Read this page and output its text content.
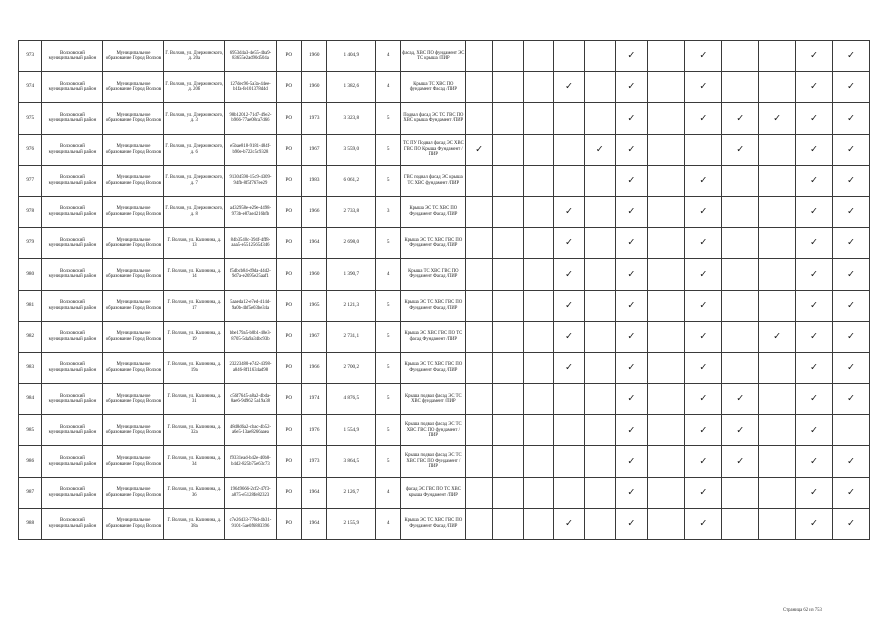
973	Волховский муниципальный район	Муниципальное образование Город Волхов	Г. Волхов, ул. Дзержинского, д. 20а	6953d4a3-4e55-4ba9-83655e2ad90d504a	РО	1960	1 404,9	4	фасад, ХВС ПО фундамент ЭС ТС крыша /ПИР						✓		✓			✓	✓
974	Волховский муниципальный район	Муниципальное образование Город Волхов	Г. Волхов, ул. Дзержинского, д. 20б	127dec96-5a3a-44ee-b1fa-fe101378d4d	РО	1960	1 382,6	4	Крыша ТС ХВС ПО фундамент Фасад /ПИР				✓		✓		✓			✓	✓
975	Волховский муниципальный район	Муниципальное образование Город Волхов	Г. Волхов, ул. Дзержинского, д. 3	98b12012-71d7-49e2-b966-77ae08ca7d66	РО	1973	3 323,8	5	Подвал фасад ЭС ТС ГВС ПО ХВС крыша Фундамент /ПИР						✓		✓	✓	✓	✓	✓
976	Волховский муниципальный район	Муниципальное образование Город Волхов	Г. Волхов, ул. Дзержинского, д. 6	e5bae818-9181-484f-b90e-b722c5c9328	РО	1967	3 559,0	5	ТС ПУ Подвал фасад ЭС ХВС ГВС ПО Крыша Фундамент /ПИР	✓				✓	✓			✓		✓	✓
977	Волховский муниципальный район	Муниципальное образование Город Волхов	Г. Волхов, ул. Дзержинского, д. 7	91304590-15c9-4309-94fb-8f5f767ee29	РО	1983	6 061,2	5	ГВС подвал фасад ЭС крыша ТС ХВС фундамент /ПИР						✓		✓			✓	✓
978	Волховский муниципальный район	Муниципальное образование Город Волхов	Г. Волхов, ул. Дзержинского, д. 8	a432958e-e29e-4498-973b-e87ae4216bfb	РО	1966	2 733,8	3	Крыша ЭС ТС ХВС ПО Фундамент Фасад /ПИР				✓		✓		✓			✓	✓
979	Волховский муниципальный район	Муниципальное образование Город Волхов	Г. Волхов, ул. Калинина, д. 13	84b3540c-394f-4ff8-aaa5-e55125654346	РО	1964	2 698,0	5	Крыша ЭС ТС ХВС ГВС ПО Фундамент Фасад /ПИР				✓		✓		✓			✓	✓
980	Волховский муниципальный район	Муниципальное образование Город Волхов	Г. Волхов, ул. Калинина, д. 14	f5dbcb84-d9da-44d2-9d7a-e2695e25aaf1	РО	1960	1 390,7	4	Крыша ТС ХВС ГВС ПО Фундамент Фасад /ПИР				✓		✓		✓			✓	✓
981	Волховский муниципальный район	Муниципальное образование Город Волхов	Г. Волхов, ул. Калинина, д. 17	5aaeda12-e7ed-414d-9a0b-4bf5e03be34a	РО	1965	2 121,3	5	Крыша ЭС ТС ХВС ГВС ПО Фундамент Фасад /ПИР				✓		✓		✓			✓	✓
982	Волховский муниципальный район	Муниципальное образование Город Волхов	Г. Волхов, ул. Калинина, д. 19	bbe179a5-b0b1-40e3-8705-5da9a34bc93b	РО	1967	2 731,1	5	Крыша ЭС ХВС ГВС ПО ТС фасад Фундамент /ПИР				✓		✓		✓		✓	✓	✓
983	Волховский муниципальный район	Муниципальное образование Город Волхов	Г. Волхов, ул. Калинина, д. 19а	23223480-e742-4398-a846-8f11634ad98	РО	1966	2 700,2	5	Крыша ЭС ТС ХВС ГВС ПО Фундамент Фасад /ПИР				✓		✓		✓			✓	✓
984	Волховский муниципальный район	Муниципальное образование Город Волхов	Г. Волхов, ул. Калинина, д. 31	c56f7645-a8a2-4bda-8ae6-9d962 5a19a38	РО	1974	4 876,5	5	Крыша подвал фасад ЭС ТС ХВС фундамент /ПИР						✓		✓	✓		✓	✓
985	Волховский муниципальный район	Муниципальное образование Город Волхов	Г. Волхов, ул. Калинина, д. 32а	48d8d6a2-cbac-4b52-a6e5-13ae8266aaea	РО	1976	1 554,9	5	Крыша подвал фасад ЭС ТС ХВС ГВС ПО фундамент /ПИР						✓		✓	✓		✓	
986	Волховский муниципальный район	Муниципальное образование Город Волхов	Г. Волхов, ул. Калинина, д. 34	f9331ead-b42e-40b8-b4d2-825b75e63c73	РО	1973	3 864,5	5	Крыша подвал фасад ЭС ТС ХВС ГВС ПО Фундамент /ПИР						✓		✓	✓		✓	✓
987	Волховский муниципальный район	Муниципальное образование Город Волхов	Г. Волхов, ул. Калинина, д. 36	19649666-2cf2-47f3-a875-e5128fe82323	РО	1964	2 126,7	4	фасад ЭС ГВС ПО ТС ХВС крыша Фундамент /ПИР						✓		✓			✓	✓
988	Волховский муниципальный район	Муниципальное образование Город Волхов	Г. Волхов, ул. Калинина, д. 38а	c7e26433-778d-4b31-9101-5ae0f6883396	РО	1964	2 155,9	4	Крыша ЭС ТС ХВС ГВС ПО Фундамент Фасад /ПИР				✓		✓		✓			✓	✓
Страница 62 из 753
